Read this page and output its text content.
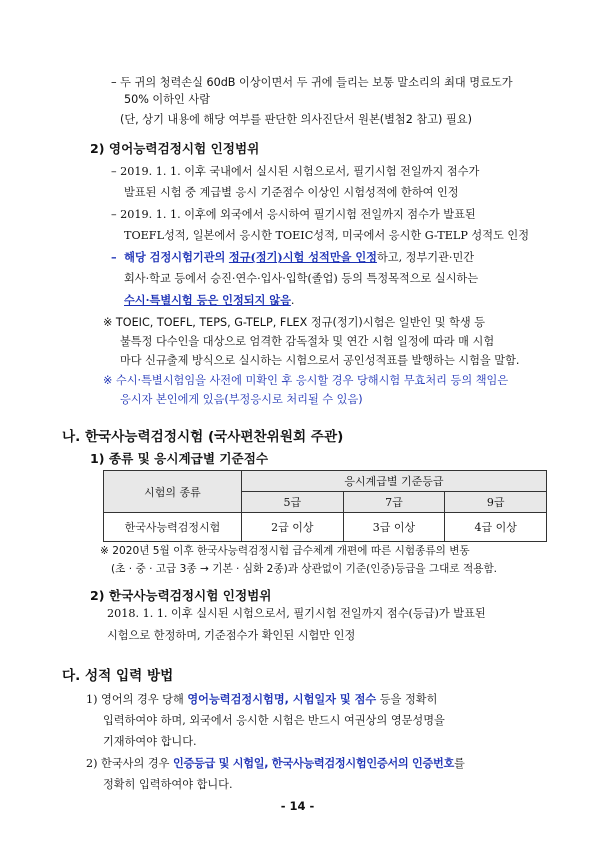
– 두 귀의 청력손실 60dB 이상이면서 두 귀에 들리는 보통 말소리의 최대 명료도가
50% 이하인 사람
(단, 상기 내용에 해당 여부를 판단한 의사진단서 원본(별첨2 참고) 필요)
2) 영어능력검정시험 인정범위
– 2019. 1. 1. 이후 국내에서 실시된 시험으로서, 필기시험 전일까지 점수가
발표된 시험 중 계급별 응시 기준점수 이상인 시험성적에 한하여 인정
– 2019. 1. 1. 이후에 외국에서 응시하여 필기시험 전일까지 점수가 발표된
TOEFL성적, 일본에서 응시한 TOEIC성적, 미국에서 응시한 G-TELP 성적도 인정
– 해당 검정시험기관의 정규(정기)시험 성적만을 인정하고, 정부기관·민간
회사·학교 등에서 승진·연수·입사·입학(졸업) 등의 특정목적으로 실시하는
수시·특별시험 등은 인정되지 않음.
※ TOEIC, TOEFL, TEPS, G-TELP, FLEX 정규(정기)시험은 일반인 및 학생 등
불특정 다수인을 대상으로 엄격한 감독절차 및 연간 시험 일정에 따라 매 시험
마다 신규출제 방식으로 실시하는 시험으로서 공인성적표를 발행하는 시험을 말함.
※ 수시·특별시험임을 사전에 미확인 후 응시할 경우 당해시험 무효처리 등의 책임은
응시자 본인에게 있음(부정응시로 처리될 수 있음)
나. 한국사능력검정시험 (국사편찬위원회 주관)
1) 종류 및 응시계급별 기준점수
시험의 종류	응시계급별 기준등급		
	5급	7급	9급
한국사능력검정시험	2급 이상	3급 이상	4급 이상
※ 2020년 5월 이후 한국사능력검정시험 급수체계 개편에 따른 시험종류의 변동
(초 · 중 · 고급 3종 → 기본 · 심화 2종)과 상관없이 기준(인증)등급을 그대로 적용함.
2) 한국사능력검정시험 인정범위
2018. 1. 1. 이후 실시된 시험으로서, 필기시험 전일까지 점수(등급)가 발표된
시험으로 한정하며, 기준점수가 확인된 시험만 인정
다. 성적 입력 방법
1) 영어의 경우 당해 영어능력검정시험명, 시험일자 및 점수 등을 정확히
입력하여야 하며, 외국에서 응시한 시험은 반드시 여권상의 영문성명을
기재하여야 합니다.
2) 한국사의 경우 인증등급 및 시험일, 한국사능력검정시험인증서의 인증번호를
정확히 입력하여야 합니다.
- 14 -
